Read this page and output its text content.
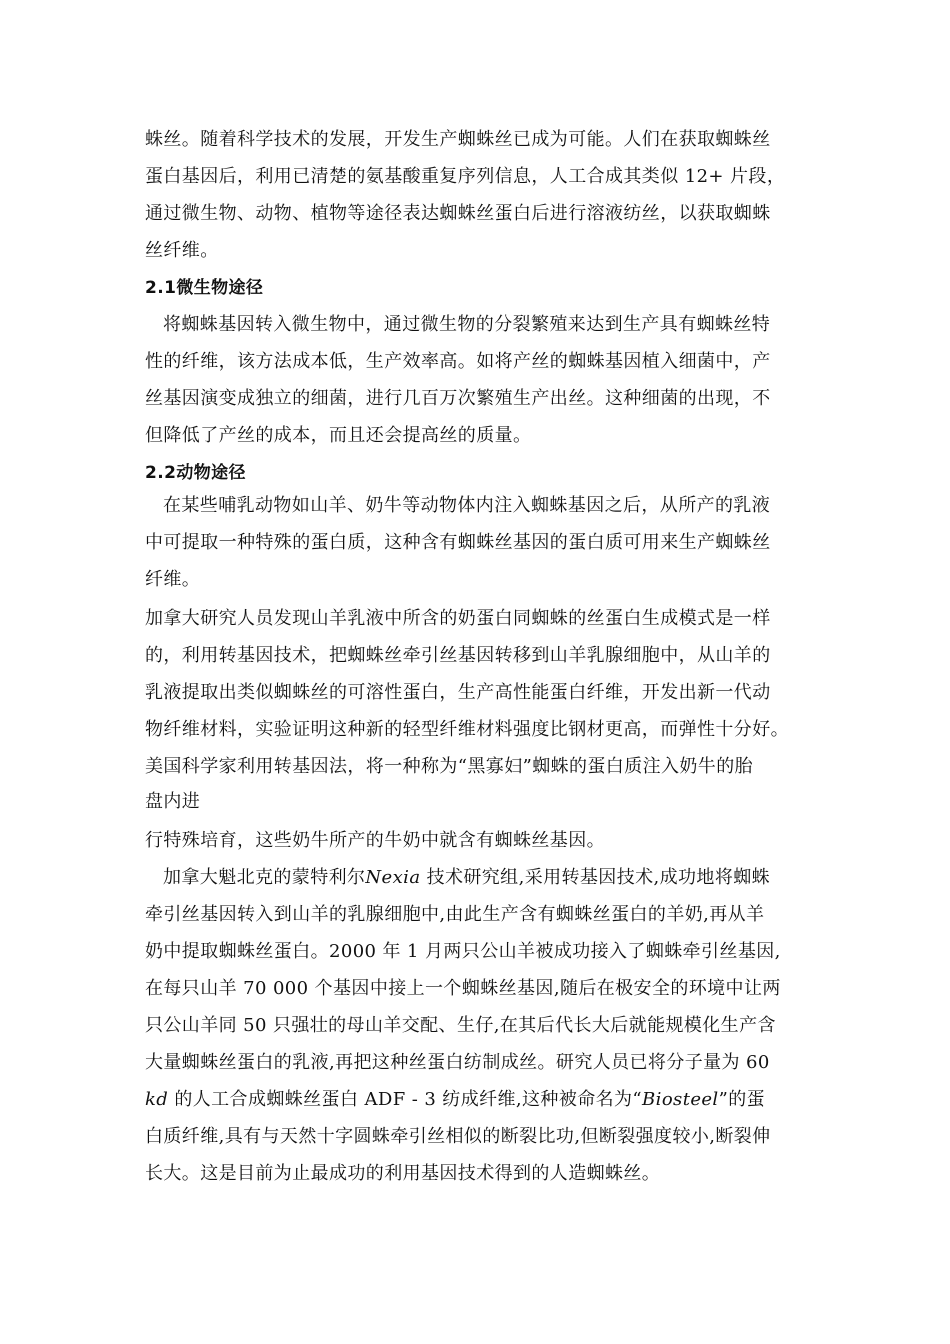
蛛丝。随着科学技术的发展，开发生产蜘蛛丝已成为可能。人们在获取蜘蛛丝
蛋白基因后，利用已清楚的氨基酸重复序列信息，人工合成其类似 12+ 片段，
通过微生物、动物、植物等途径表达蜘蛛丝蛋白后进行溶液纺丝，以获取蜘蛛
丝纤维。
2.1微生物途径
将蜘蛛基因转入微生物中，通过微生物的分裂繁殖来达到生产具有蜘蛛丝特
性的纤维，该方法成本低，生产效率高。如将产丝的蜘蛛基因植入细菌中，产
丝基因演变成独立的细菌，进行几百万次繁殖生产出丝。这种细菌的出现，不
但降低了产丝的成本，而且还会提高丝的质量。
2.2动物途径
在某些哺乳动物如山羊、奶牛等动物体内注入蜘蛛基因之后，从所产的乳液
中可提取一种特殊的蛋白质，这种含有蜘蛛丝基因的蛋白质可用来生产蜘蛛丝
纤维。
加拿大研究人员发现山羊乳液中所含的奶蛋白同蜘蛛的丝蛋白生成模式是一样
的，利用转基因技术，把蜘蛛丝牵引丝基因转移到山羊乳腺细胞中，从山羊的
乳液提取出类似蜘蛛丝的可溶性蛋白，生产高性能蛋白纤维，开发出新一代动
物纤维材料，实验证明这种新的轻型纤维材料强度比钢材更高，而弹性十分好。
美国科学家利用转基因法，将一种称为“黑寡妇”蜘蛛的蛋白质注入奶牛的胎
盘内进
行特殊培育，这些奶牛所产的牛奶中就含有蜘蛛丝基因。
加拿大魁北克的蒙特利尔Nexia 技术研究组,采用转基因技术,成功地将蜘蛛
牵引丝基因转入到山羊的乳腺细胞中,由此生产含有蜘蛛丝蛋白的羊奶,再从羊
奶中提取蜘蛛丝蛋白。2000 年 1 月两只公山羊被成功接入了蜘蛛牵引丝基因,
在每只山羊 70 000 个基因中接上一个蜘蛛丝基因,随后在极安全的环境中让两
只公山羊同 50 只强壮的母山羊交配、生仔,在其后代长大后就能规模化生产含
大量蜘蛛丝蛋白的乳液,再把这种丝蛋白纺制成丝。研究人员已将分子量为 60
kd 的人工合成蜘蛛丝蛋白 ADF - 3 纺成纤维,这种被命名为“Biosteel”的蛋
白质纤维,具有与天然十字圆蛛牵引丝相似的断裂比功,但断裂强度较小,断裂伸
长大。这是目前为止最成功的利用基因技术得到的人造蜘蛛丝。
